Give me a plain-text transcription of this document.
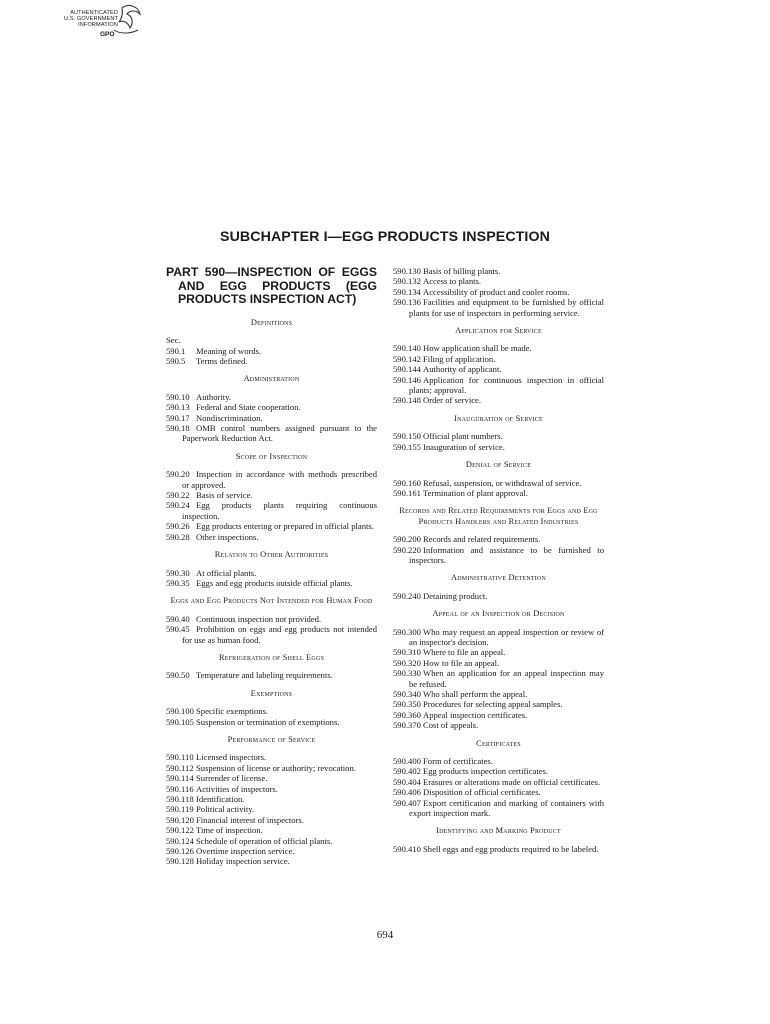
AUTHENTICATED
U.S. GOVERNMENT
INFORMATION
GPO
SUBCHAPTER I—EGG PRODUCTS INSPECTION
PART 590—INSPECTION OF EGGS AND EGG PRODUCTS (EGG PRODUCTS INSPECTION ACT)
Definitions
Sec.
590.1 Meaning of words.
590.5 Terms defined.
Administration
590.10 Authority.
590.13 Federal and State cooperation.
590.17 Nondiscrimination.
590.18 OMB control numbers assigned pursuant to the Paperwork Reduction Act.
Scope of Inspection
590.20 Inspection in accordance with methods prescribed or approved.
590.22 Basis of service.
590.24 Egg products plants requiring continuous inspection.
590.26 Egg products entering or prepared in official plants.
590.28 Other inspections.
Relation to Other Authorities
590.30 At official plants.
590.35 Eggs and egg products outside official plants.
Eggs and Egg Products Not Intended for Human Food
590.40 Continuous inspection not provided.
590.45 Prohibition on eggs and egg products not intended for use as human food.
Refrigeration of Shell Eggs
590.50 Temperature and labeling requirements.
Exemptions
590.100 Specific exemptions.
590.105 Suspension or termination of exemptions.
Performance of Service
590.110 Licensed inspectors.
590.112 Suspension of license or authority; revocation.
590.114 Surrender of license.
590.116 Activities of inspectors.
590.118 Identification.
590.119 Political activity.
590.120 Financial interest of inspectors.
590.122 Time of inspection.
590.124 Schedule of operation of official plants.
590.126 Overtime inspection service.
590.128 Holiday inspection service.
590.130 Basis of billing plants.
590.132 Access to plants.
590.134 Accessibility of product and cooler rooms.
590.136 Facilities and equipment to be furnished by official plants for use of inspectors in performing service.
Application for Service
590.140 How application shall be made.
590.142 Filing of application.
590.144 Authority of applicant.
590.146 Application for continuous inspection in official plants; approval.
590.148 Order of service.
Inauguration of Service
590.150 Official plant numbers.
590.155 Inauguration of service.
Denial of Service
590.160 Refusal, suspension, or withdrawal of service.
590.161 Termination of plant approval.
Records and Related Requirements for Eggs and Egg Products Handlers and Related Industries
590.200 Records and related requirements.
590.220 Information and assistance to be furnished to inspectors.
Administrative Detention
590.240 Detaining product.
Appeal of an Inspection or Decision
590.300 Who may request an appeal inspection or review of an inspector's decision.
590.310 Where to file an appeal.
590.320 How to file an appeal.
590.330 When an application for an appeal inspection may be refused.
590.340 Who shall perform the appeal.
590.350 Procedures for selecting appeal samples.
590.360 Appeal inspection certificates.
590.370 Cost of appeals.
Certificates
590.400 Form of certificates.
590.402 Egg products inspection certificates.
590.404 Erasures or alterations made on official certificates.
590.406 Disposition of official certificates.
590.407 Export certification and marking of containers with export inspection mark.
Identifying and Marking Product
590.410 Shell eggs and egg products required to be labeled.
694
